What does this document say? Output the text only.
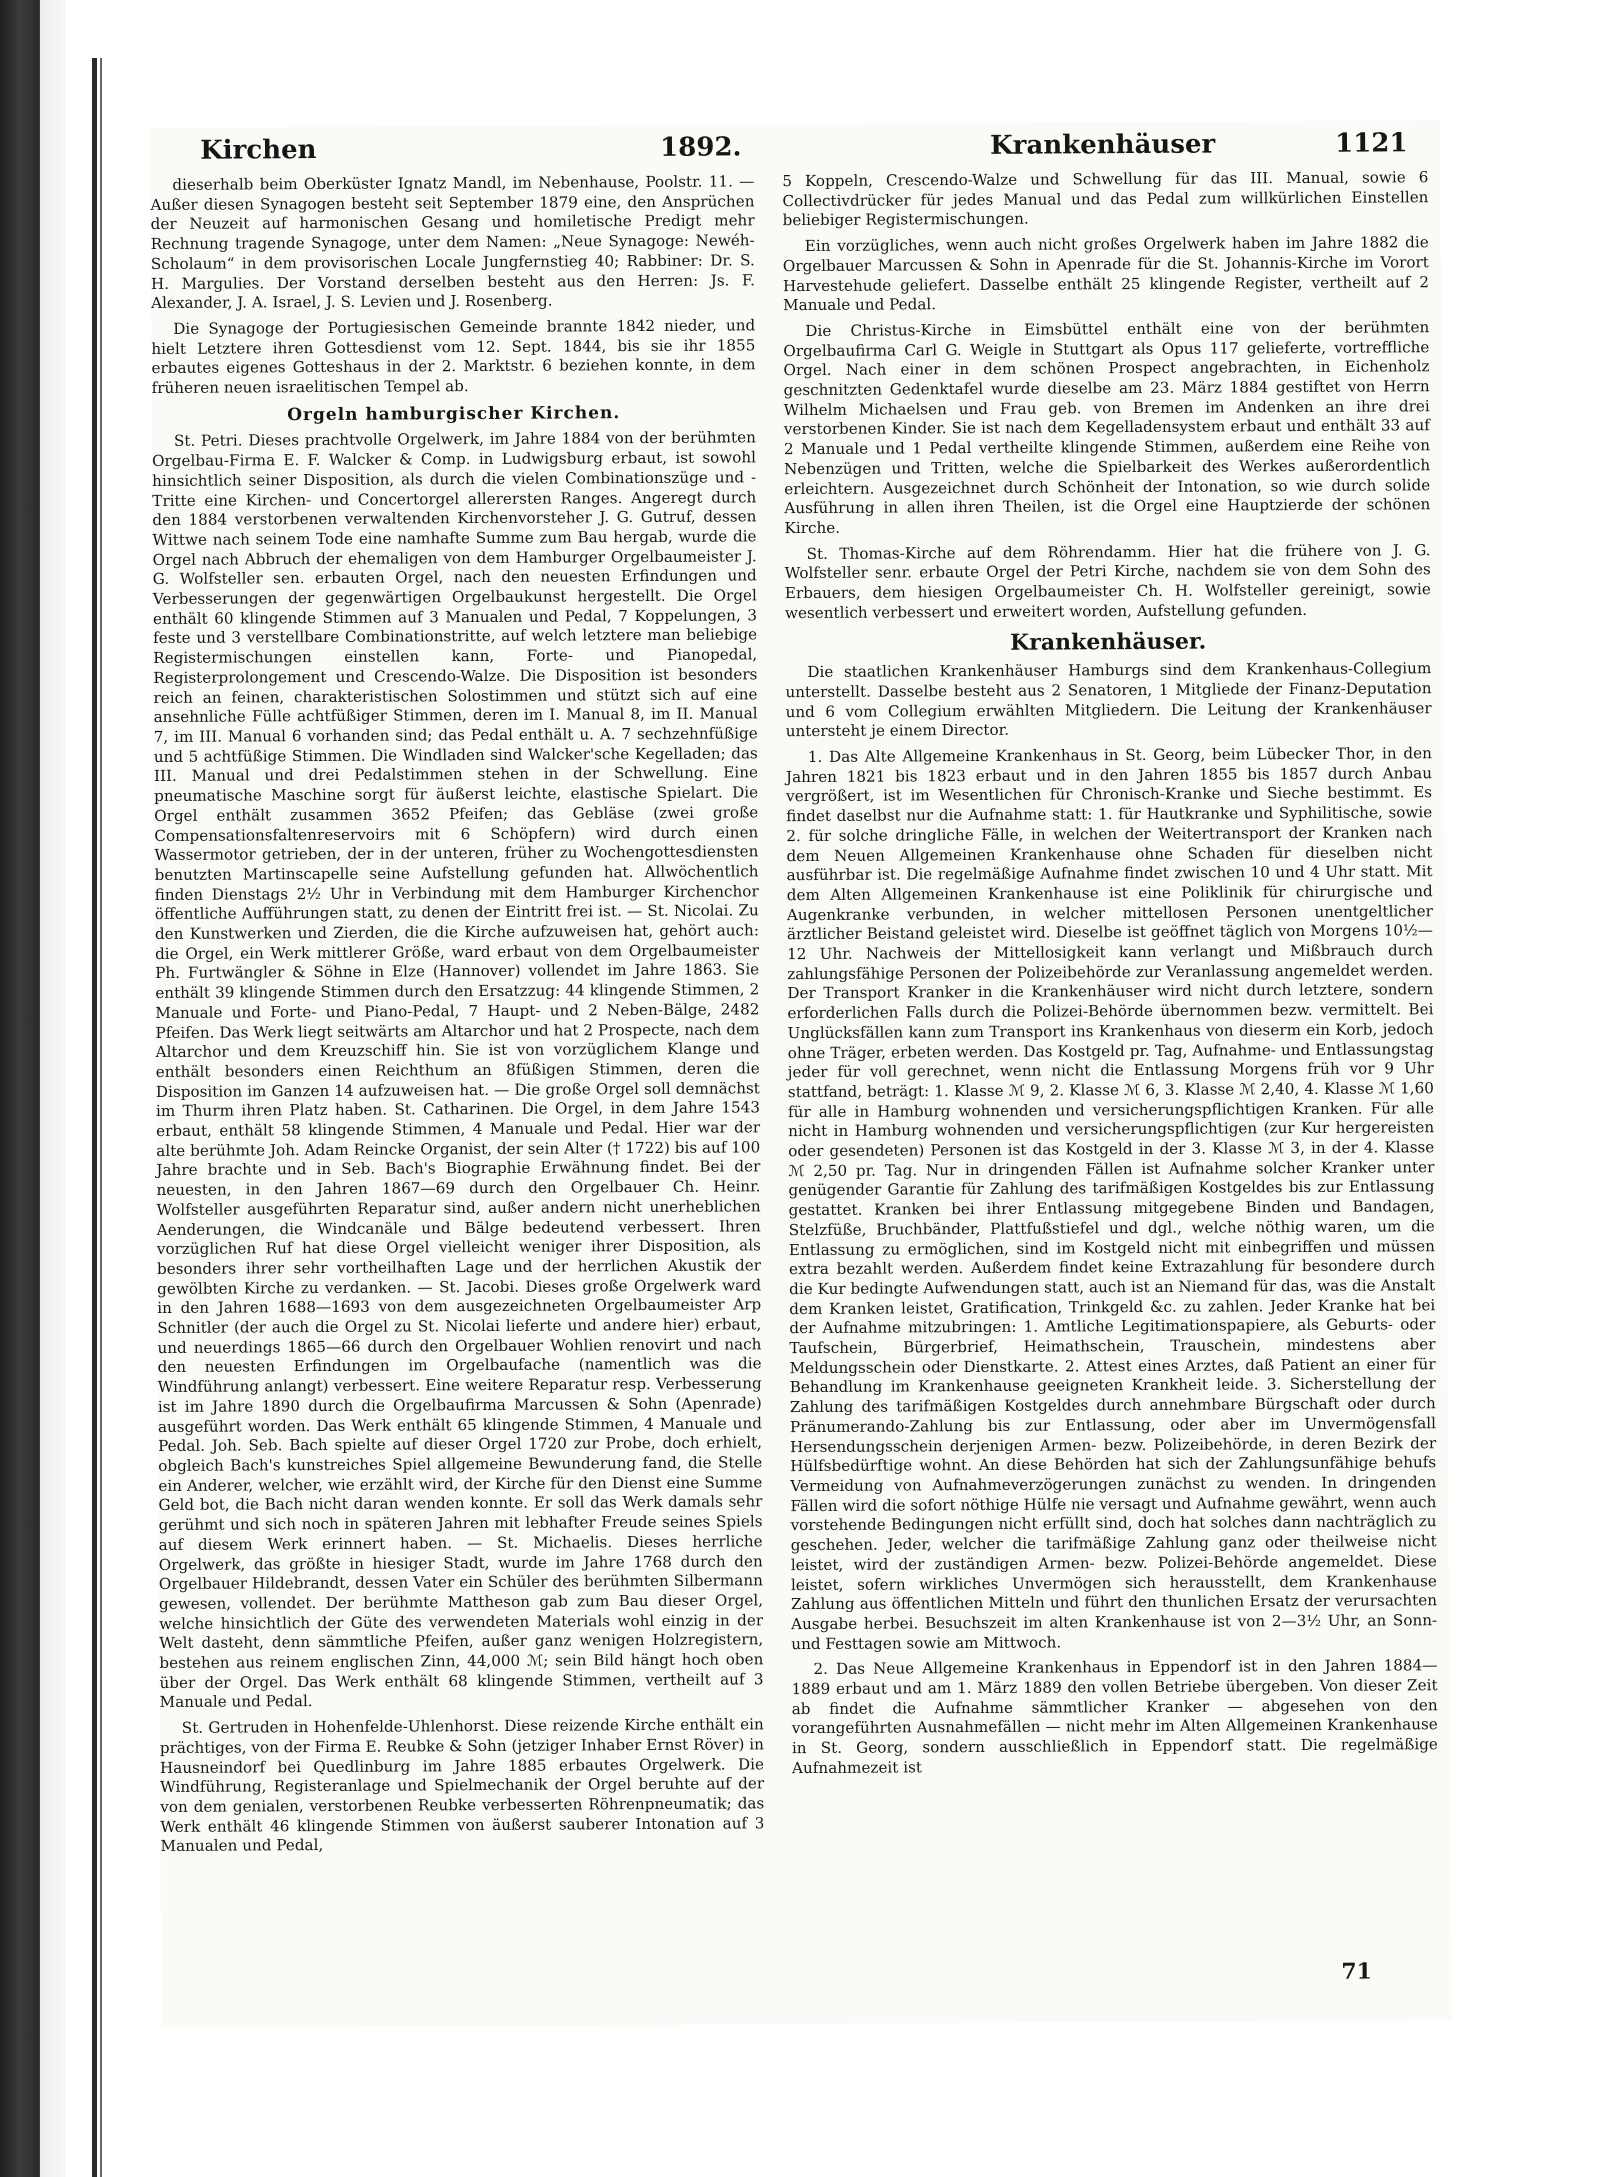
Kirchen	1892.	Krankenhäuser	1121

dieserhalb beim Oberküster Ignatz Mandl, im Nebenhause, Poolstr. 11. — Außer diesen Synagogen besteht seit September 1879 eine, den Ansprüchen der Neuzeit auf harmonischen Gesang und homiletische Predigt mehr Rechnung tragende Synagoge, unter dem Namen: „Neue Synagoge: Newéh-Scholaum“ in dem provisorischen Locale Jungfernstieg 40; Rabbiner: Dr. S. H. Margulies. Der Vorstand derselben besteht aus den Herren: Js. F. Alexander, J. A. Israel, J. S. Levien und J. Rosenberg.

Die Synagoge der Portugiesischen Gemeinde brannte 1842 nieder, und hielt Letztere ihren Gottesdienst vom 12. Sept. 1844, bis sie ihr 1855 erbautes eigenes Gotteshaus in der 2. Marktstr. 6 beziehen konnte, in dem früheren neuen israelitischen Tempel ab.

Orgeln hamburgischer Kirchen.

St. Petri. Dieses prachtvolle Orgelwerk, im Jahre 1884 von der berühmten Orgelbau-Firma E. F. Walcker & Comp. in Ludwigsburg erbaut, ist sowohl hinsichtlich seiner Disposition, als durch die vielen Combinationszüge und -Tritte eine Kirchen- und Concertorgel allerersten Ranges. Angeregt durch den 1884 verstorbenen verwaltenden Kirchenvorsteher J. G. Gutruf, dessen Wittwe nach seinem Tode eine namhafte Summe zum Bau hergab, wurde die Orgel nach Abbruch der ehemaligen von dem Hamburger Orgelbaumeister J. G. Wolfsteller sen. erbauten Orgel, nach den neuesten Erfindungen und Verbesserungen der gegenwärtigen Orgelbaukunst hergestellt. Die Orgel enthält 60 klingende Stimmen auf 3 Manualen und Pedal, 7 Koppelungen, 3 feste und 3 verstellbare Combinationstritte, auf welch letztere man beliebige Registermischungen einstellen kann, Forte- und Pianopedal, Registerprolongement und Crescendo-Walze. Die Disposition ist besonders reich an feinen, charakteristischen Solostimmen und stützt sich auf eine ansehnliche Fülle achtfüßiger Stimmen, deren im I. Manual 8, im II. Manual 7, im III. Manual 6 vorhanden sind; das Pedal enthält u. A. 7 sechzehnfüßige und 5 achtfüßige Stimmen. Die Windladen sind Walcker'sche Kegelladen; das III. Manual und drei Pedalstimmen stehen in der Schwellung. Eine pneumatische Maschine sorgt für äußerst leichte, elastische Spielart. Die Orgel enthält zusammen 3652 Pfeifen; das Gebläse (zwei große Compensationsfaltenreservoirs mit 6 Schöpfern) wird durch einen Wassermotor getrieben, der in der unteren, früher zu Wochengottesdiensten benutzten Martinscapelle seine Aufstellung gefunden hat. Allwöchentlich finden Dienstags 2½ Uhr in Verbindung mit dem Hamburger Kirchenchor öffentliche Aufführungen statt, zu denen der Eintritt frei ist. — St. Nicolai. Zu den Kunstwerken und Zierden, die die Kirche aufzuweisen hat, gehört auch: die Orgel, ein Werk mittlerer Größe, ward erbaut von dem Orgelbaumeister Ph. Furtwängler & Söhne in Elze (Hannover) vollendet im Jahre 1863. Sie enthält 39 klingende Stimmen durch den Ersatzzug: 44 klingende Stimmen, 2 Manuale und Forte- und Piano-Pedal, 7 Haupt- und 2 Neben-Bälge, 2482 Pfeifen. Das Werk liegt seitwärts am Altarchor und hat 2 Prospecte, nach dem Altarchor und dem Kreuzschiff hin. Sie ist von vorzüglichem Klange und enthält besonders einen Reichthum an 8füßigen Stimmen, deren die Disposition im Ganzen 14 aufzuweisen hat. — Die große Orgel soll demnächst im Thurm ihren Platz haben. St. Catharinen. Die Orgel, in dem Jahre 1543 erbaut, enthält 58 klingende Stimmen, 4 Manuale und Pedal. Hier war der alte berühmte Joh. Adam Reincke Organist, der sein Alter († 1722) bis auf 100 Jahre brachte und in Seb. Bach's Biographie Erwähnung findet. Bei der neuesten, in den Jahren 1867—69 durch den Orgelbauer Ch. Heinr. Wolfsteller ausgeführten Reparatur sind, außer andern nicht unerheblichen Aenderungen, die Windcanäle und Bälge bedeutend verbessert. Ihren vorzüglichen Ruf hat diese Orgel vielleicht weniger ihrer Disposition, als besonders ihrer sehr vortheilhaften Lage und der herrlichen Akustik der gewölbten Kirche zu verdanken. — St. Jacobi. Dieses große Orgelwerk ward in den Jahren 1688—1693 von dem ausgezeichneten Orgelbaumeister Arp Schnitler (der auch die Orgel zu St. Nicolai lieferte und andere hier) erbaut, und neuerdings 1865—66 durch den Orgelbauer Wohlien renovirt und nach den neuesten Erfindungen im Orgelbaufache (namentlich was die Windführung anlangt) verbessert. Eine weitere Reparatur resp. Verbesserung ist im Jahre 1890 durch die Orgelbaufirma Marcussen & Sohn (Apenrade) ausgeführt worden. Das Werk enthält 65 klingende Stimmen, 4 Manuale und Pedal. Joh. Seb. Bach spielte auf dieser Orgel 1720 zur Probe, doch erhielt, obgleich Bach's kunstreiches Spiel allgemeine Bewunderung fand, die Stelle ein Anderer, welcher, wie erzählt wird, der Kirche für den Dienst eine Summe Geld bot, die Bach nicht daran wenden konnte. Er soll das Werk damals sehr gerühmt und sich noch in späteren Jahren mit lebhafter Freude seines Spiels auf diesem Werk erinnert haben. — St. Michaelis. Dieses herrliche Orgelwerk, das größte in hiesiger Stadt, wurde im Jahre 1768 durch den Orgelbauer Hildebrandt, dessen Vater ein Schüler des berühmten Silbermann gewesen, vollendet. Der berühmte Mattheson gab zum Bau dieser Orgel, welche hinsichtlich der Güte des verwendeten Materials wohl einzig in der Welt dasteht, denn sämmtliche Pfeifen, außer ganz wenigen Holzregistern, bestehen aus reinem englischen Zinn, 44,000 ℳ; sein Bild hängt hoch oben über der Orgel. Das Werk enthält 68 klingende Stimmen, vertheilt auf 3 Manuale und Pedal.

St. Gertruden in Hohenfelde-Uhlenhorst. Diese reizende Kirche enthält ein prächtiges, von der Firma E. Reubke & Sohn (jetziger Inhaber Ernst Röver) in Hausneindorf bei Quedlinburg im Jahre 1885 erbautes Orgelwerk. Die Windführung, Registeranlage und Spielmechanik der Orgel beruhte auf der von dem genialen, verstorbenen Reubke verbesserten Röhrenpneumatik; das Werk enthält 46 klingende Stimmen von äußerst sauberer Intonation auf 3 Manualen und Pedal,

5 Koppeln, Crescendo-Walze und Schwellung für das III. Manual, sowie 6 Collectivdrücker für jedes Manual und das Pedal zum willkürlichen Einstellen beliebiger Registermischungen.

Ein vorzügliches, wenn auch nicht großes Orgelwerk haben im Jahre 1882 die Orgelbauer Marcussen & Sohn in Apenrade für die St. Johannis-Kirche im Vorort Harvestehude geliefert. Dasselbe enthält 25 klingende Register, vertheilt auf 2 Manuale und Pedal.

Die Christus-Kirche in Eimsbüttel enthält eine von der berühmten Orgelbaufirma Carl G. Weigle in Stuttgart als Opus 117 gelieferte, vortreffliche Orgel. Nach einer in dem schönen Prospect angebrachten, in Eichenholz geschnitzten Gedenktafel wurde dieselbe am 23. März 1884 gestiftet von Herrn Wilhelm Michaelsen und Frau geb. von Bremen im Andenken an ihre drei verstorbenen Kinder. Sie ist nach dem Kegelladensystem erbaut und enthält 33 auf 2 Manuale und 1 Pedal vertheilte klingende Stimmen, außerdem eine Reihe von Nebenzügen und Tritten, welche die Spielbarkeit des Werkes außerordentlich erleichtern. Ausgezeichnet durch Schönheit der Intonation, so wie durch solide Ausführung in allen ihren Theilen, ist die Orgel eine Hauptzierde der schönen Kirche.

St. Thomas-Kirche auf dem Röhrendamm. Hier hat die frühere von J. G. Wolfsteller senr. erbaute Orgel der Petri Kirche, nachdem sie von dem Sohn des Erbauers, dem hiesigen Orgelbaumeister Ch. H. Wolfsteller gereinigt, sowie wesentlich verbessert und erweitert worden, Aufstellung gefunden.

Krankenhäuser.

Die staatlichen Krankenhäuser Hamburgs sind dem Krankenhaus-Collegium unterstellt. Dasselbe besteht aus 2 Senatoren, 1 Mitgliede der Finanz-Deputation und 6 vom Collegium erwählten Mitgliedern. Die Leitung der Krankenhäuser untersteht je einem Director.

1. Das Alte Allgemeine Krankenhaus in St. Georg, beim Lübecker Thor, in den Jahren 1821 bis 1823 erbaut und in den Jahren 1855 bis 1857 durch Anbau vergrößert, ist im Wesentlichen für Chronisch-Kranke und Sieche bestimmt. Es findet daselbst nur die Aufnahme statt: 1. für Hautkranke und Syphilitische, sowie 2. für solche dringliche Fälle, in welchen der Weitertransport der Kranken nach dem Neuen Allgemeinen Krankenhause ohne Schaden für dieselben nicht ausführbar ist. Die regelmäßige Aufnahme findet zwischen 10 und 4 Uhr statt. Mit dem Alten Allgemeinen Krankenhause ist eine Poliklinik für chirurgische und Augenkranke verbunden, in welcher mittellosen Personen unentgeltlicher ärztlicher Beistand geleistet wird. Dieselbe ist geöffnet täglich von Morgens 10½—12 Uhr. Nachweis der Mittellosigkeit kann verlangt und Mißbrauch durch zahlungsfähige Personen der Polizeibehörde zur Veranlassung angemeldet werden. Der Transport Kranker in die Krankenhäuser wird nicht durch letztere, sondern erforderlichen Falls durch die Polizei-Behörde übernommen bezw. vermittelt. Bei Unglücksfällen kann zum Transport ins Krankenhaus von dieserm ein Korb, jedoch ohne Träger, erbeten werden. Das Kostgeld pr. Tag, Aufnahme- und Entlassungstag jeder für voll gerechnet, wenn nicht die Entlassung Morgens früh vor 9 Uhr stattfand, beträgt: 1. Klasse ℳ 9, 2. Klasse ℳ 6, 3. Klasse ℳ 2,40, 4. Klasse ℳ 1,60 für alle in Hamburg wohnenden und versicherungspflichtigen Kranken. Für alle nicht in Hamburg wohnenden und versicherungspflichtigen (zur Kur hergereisten oder gesendeten) Personen ist das Kostgeld in der 3. Klasse ℳ 3, in der 4. Klasse ℳ 2,50 pr. Tag. Nur in dringenden Fällen ist Aufnahme solcher Kranker unter genügender Garantie für Zahlung des tarifmäßigen Kostgeldes bis zur Entlassung gestattet. Kranken bei ihrer Entlassung mitgegebene Binden und Bandagen, Stelzfüße, Bruchbänder, Plattfußstiefel und dgl., welche nöthig waren, um die Entlassung zu ermöglichen, sind im Kostgeld nicht mit einbegriffen und müssen extra bezahlt werden. Außerdem findet keine Extrazahlung für besondere durch die Kur bedingte Aufwendungen statt, auch ist an Niemand für das, was die Anstalt dem Kranken leistet, Gratification, Trinkgeld &c. zu zahlen. Jeder Kranke hat bei der Aufnahme mitzubringen: 1. Amtliche Legitimationspapiere, als Geburts- oder Taufschein, Bürgerbrief, Heimathschein, Trauschein, mindestens aber Meldungsschein oder Dienstkarte. 2. Attest eines Arztes, daß Patient an einer für Behandlung im Krankenhause geeigneten Krankheit leide. 3. Sicherstellung der Zahlung des tarifmäßigen Kostgeldes durch annehmbare Bürgschaft oder durch Pränumerando-Zahlung bis zur Entlassung, oder aber im Unvermögensfall Hersendungsschein derjenigen Armen- bezw. Polizeibehörde, in deren Bezirk der Hülfsbedürftige wohnt. An diese Behörden hat sich der Zahlungsunfähige behufs Vermeidung von Aufnahmeverzögerungen zunächst zu wenden. In dringenden Fällen wird die sofort nöthige Hülfe nie versagt und Aufnahme gewährt, wenn auch vorstehende Bedingungen nicht erfüllt sind, doch hat solches dann nachträglich zu geschehen. Jeder, welcher die tarifmäßige Zahlung ganz oder theilweise nicht leistet, wird der zuständigen Armen- bezw. Polizei-Behörde angemeldet. Diese leistet, sofern wirkliches Unvermögen sich herausstellt, dem Krankenhause Zahlung aus öffentlichen Mitteln und führt den thunlichen Ersatz der verursachten Ausgabe herbei. Besuchszeit im alten Krankenhause ist von 2—3½ Uhr, an Sonn- und Festtagen sowie am Mittwoch.

2. Das Neue Allgemeine Krankenhaus in Eppendorf ist in den Jahren 1884—1889 erbaut und am 1. März 1889 den vollen Betriebe übergeben. Von dieser Zeit ab findet die Aufnahme sämmtlicher Kranker — abgesehen von den vorangeführten Ausnahmefällen — nicht mehr im Alten Allgemeinen Krankenhause in St. Georg, sondern ausschließlich in Eppendorf statt. Die regelmäßige Aufnahmezeit ist

71
